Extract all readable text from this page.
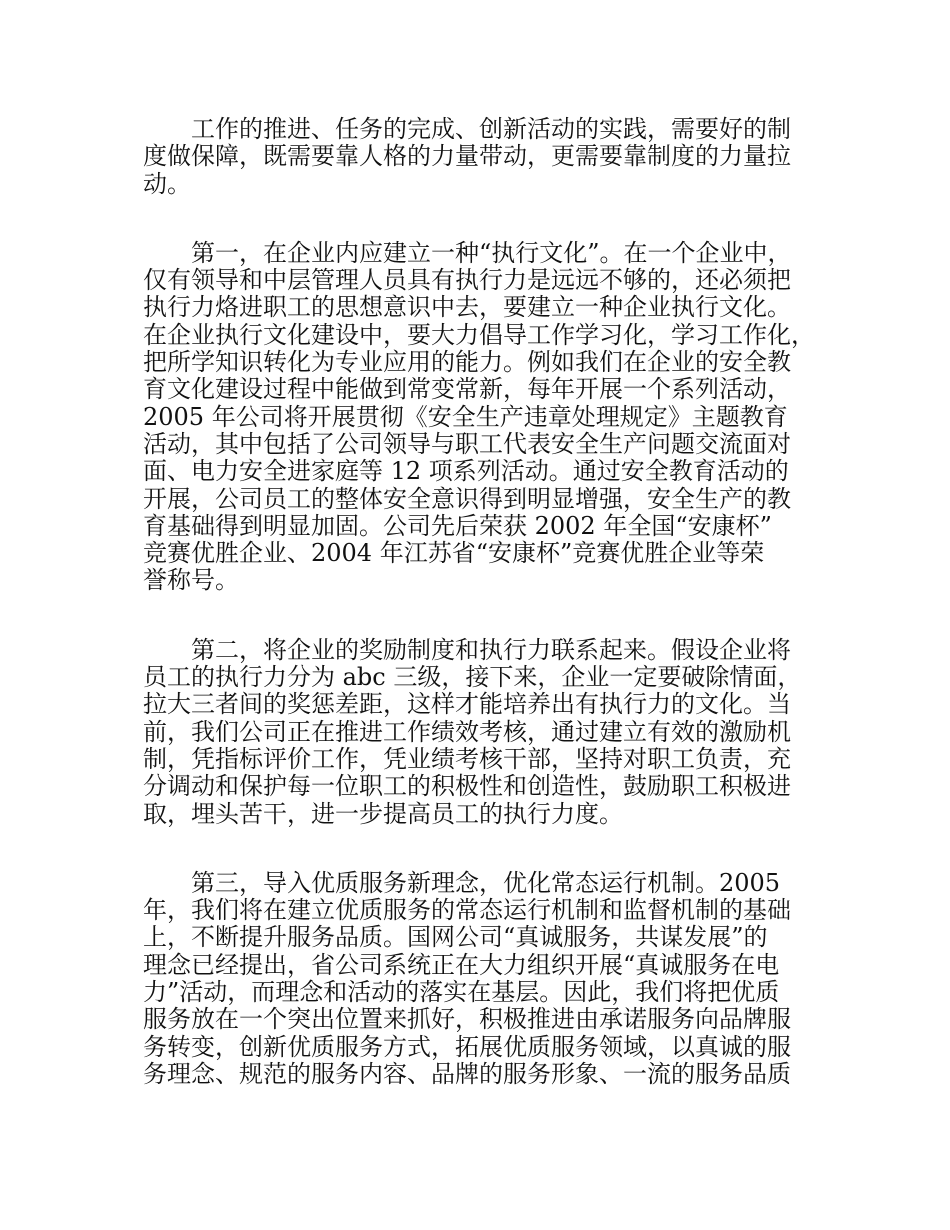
工作的推进、任务的完成、创新活动的实践，需要好的制
度做保障，既需要靠人格的力量带动，更需要靠制度的力量拉
动。

第一，在企业内应建立一种“执行文化”。在一个企业中，
仅有领导和中层管理人员具有执行力是远远不够的，还必须把
执行力烙进职工的思想意识中去，要建立一种企业执行文化。
在企业执行文化建设中，要大力倡导工作学习化，学习工作化，
把所学知识转化为专业应用的能力。例如我们在企业的安全教
育文化建设过程中能做到常变常新，每年开展一个系列活动，
2005 年公司将开展贯彻《安全生产违章处理规定》主题教育
活动，其中包括了公司领导与职工代表安全生产问题交流面对
面、电力安全进家庭等 12 项系列活动。通过安全教育活动的
开展，公司员工的整体安全意识得到明显增强，安全生产的教
育基础得到明显加固。公司先后荣获 2002 年全国“安康杯”
竞赛优胜企业、2004 年江苏省“安康杯”竞赛优胜企业等荣
誉称号。

第二，将企业的奖励制度和执行力联系起来。假设企业将
员工的执行力分为 abc 三级，接下来，企业一定要破除情面，
拉大三者间的奖惩差距，这样才能培养出有执行力的文化。当
前，我们公司正在推进工作绩效考核，通过建立有效的激励机
制，凭指标评价工作，凭业绩考核干部，坚持对职工负责，充
分调动和保护每一位职工的积极性和创造性，鼓励职工积极进
取，埋头苦干，进一步提高员工的执行力度。

第三，导入优质服务新理念，优化常态运行机制。2005
年，我们将在建立优质服务的常态运行机制和监督机制的基础
上，不断提升服务品质。国网公司“真诚服务，共谋发展”的
理念已经提出，省公司系统正在大力组织开展“真诚服务在电
力”活动，而理念和活动的落实在基层。因此，我们将把优质
服务放在一个突出位置来抓好，积极推进由承诺服务向品牌服
务转变，创新优质服务方式，拓展优质服务领域，以真诚的服
务理念、规范的服务内容、品牌的服务形象、一流的服务品质
